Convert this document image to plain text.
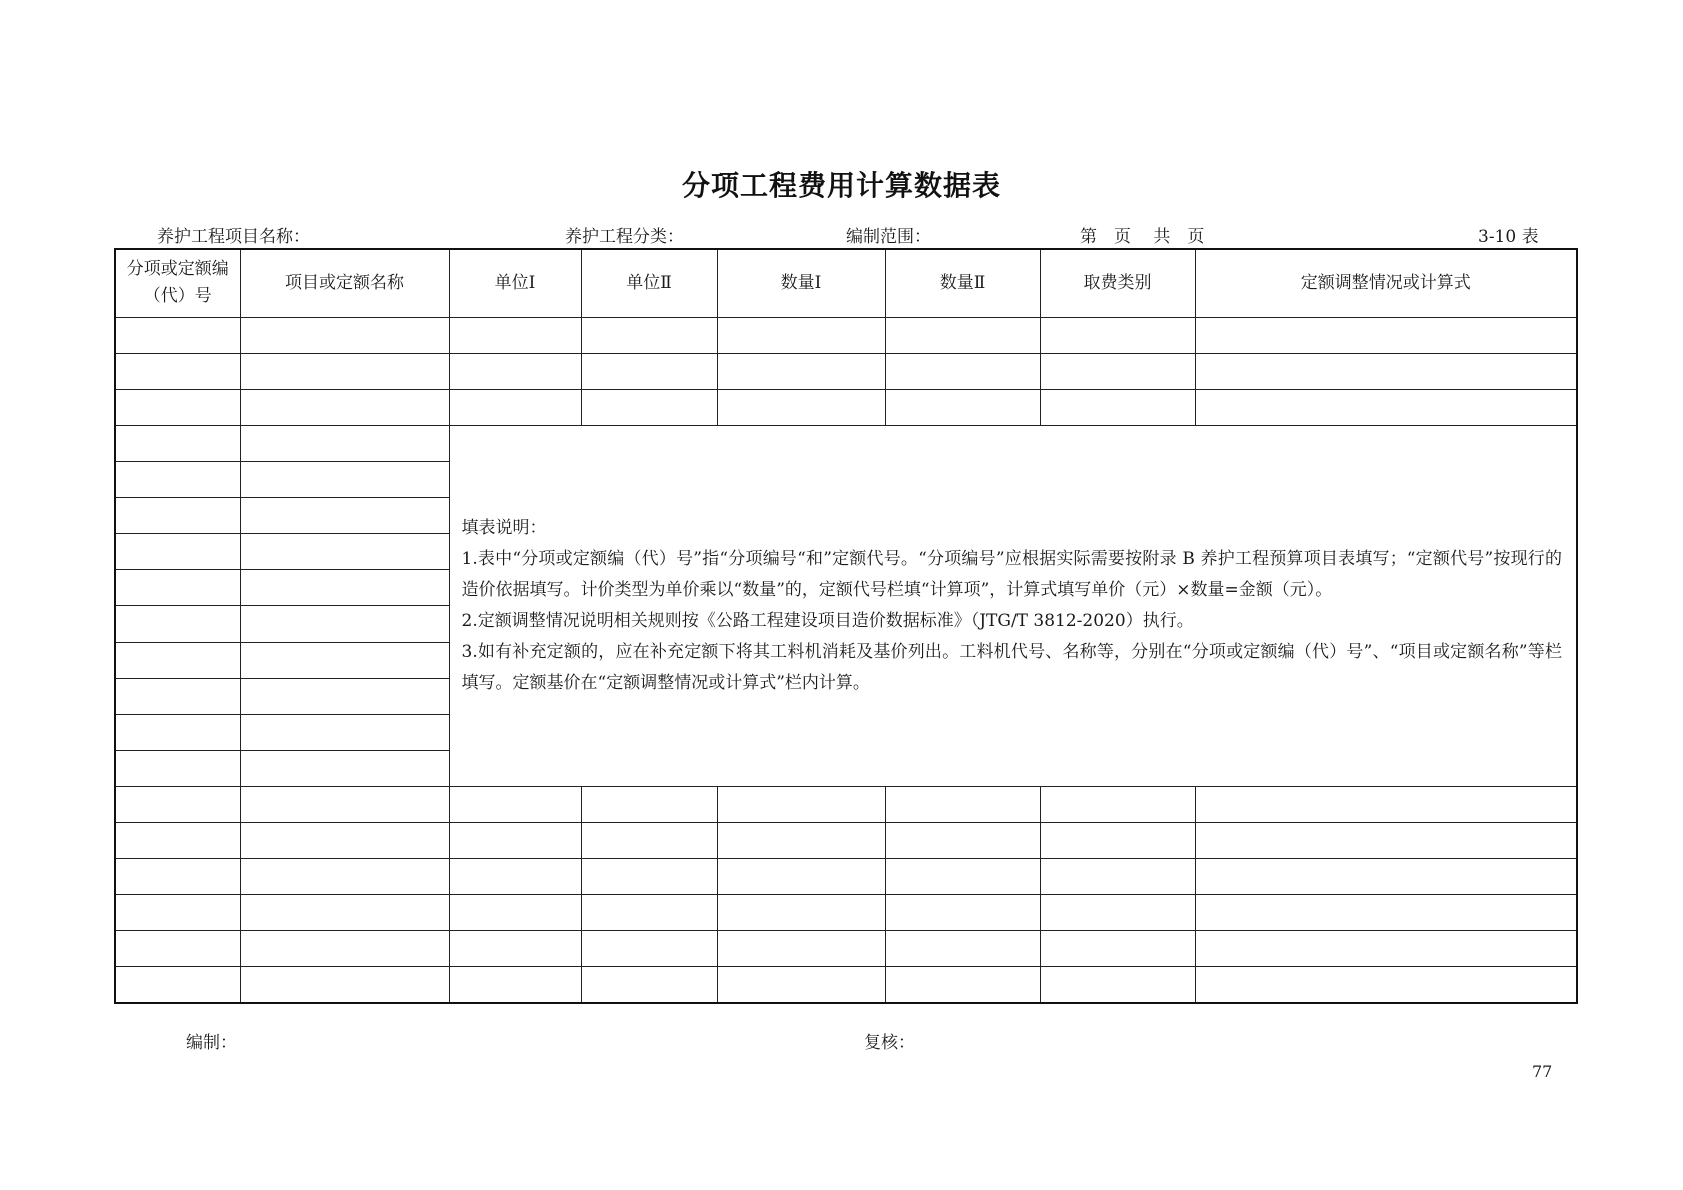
分项工程费用计算数据表
养护工程项目名称：	养护工程分类：	编制范围：	第　页　 共　页	3-10 表
分项或定额编（代）号	项目或定额名称	单位Ⅰ	单位Ⅱ	数量Ⅰ	数量Ⅱ	取费类别	定额调整情况或计算式

		填表说明：

1.表中“分项或定额编（代）号”指“分项编号“和”定额代号。“分项编号”应根据实际需要按附录 B 养护工程预算项目表填写；“定额代号”按现行的造价依据填写。计价类型为单价乘以“数量”的，定额代号栏填“计算项”，计算式填写单价（元）×数量=金额（元）。

2.定额调整情况说明相关规则按《公路工程建设项目造价数据标准》（JTG/T 3812-2020）执行。

3.如有补充定额的，应在补充定额下将其工料机消耗及基价列出。工料机代号、名称等，分别在“分项或定额编（代）号”、“项目或定额名称”等栏填写。定额基价在“定额调整情况或计算式”栏内计算。					

编制：	复核：
77
